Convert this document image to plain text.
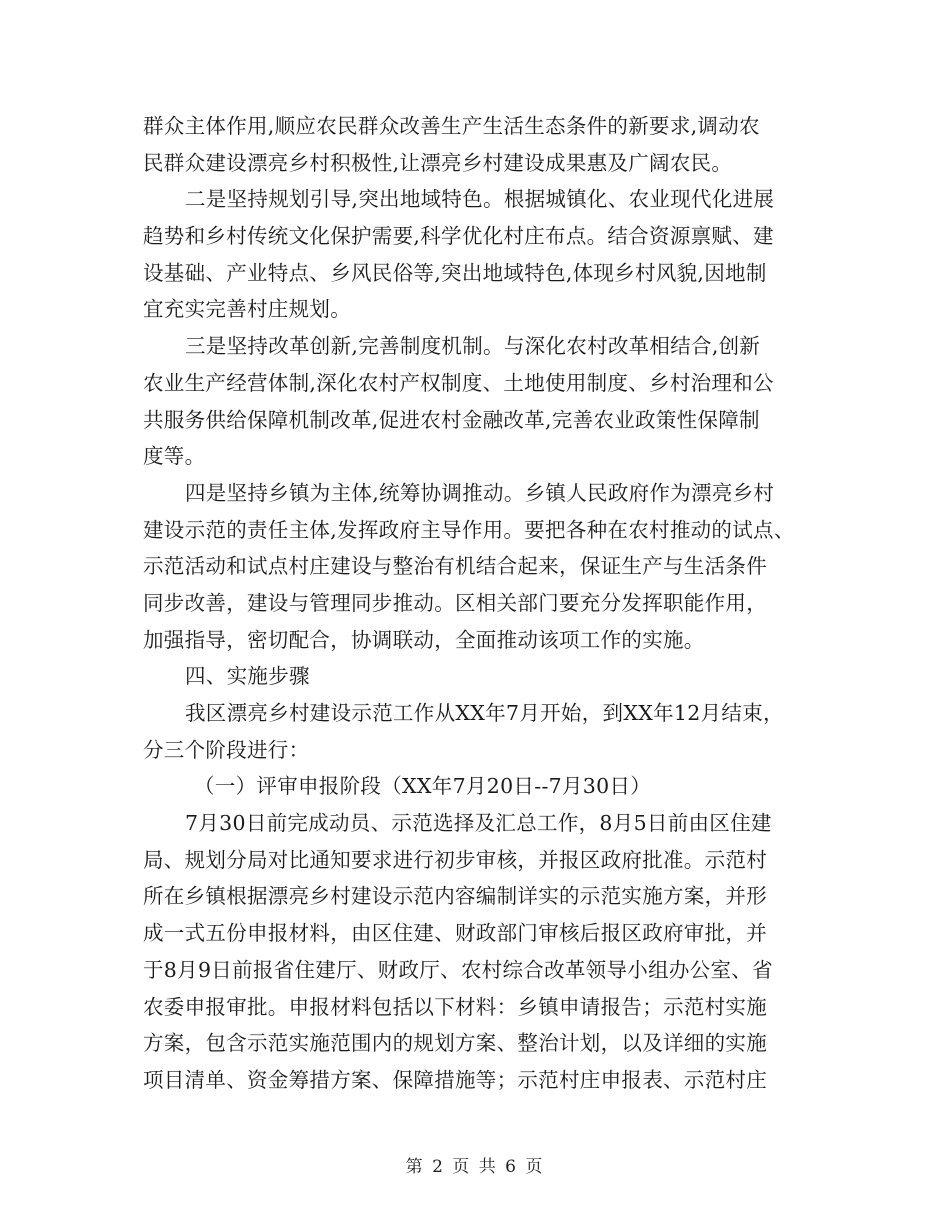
群众主体作用,顺应农民群众改善生产生活生态条件的新要求,调动农
民群众建设漂亮乡村积极性,让漂亮乡村建设成果惠及广阔农民。
二是坚持规划引导,突出地域特色。根据城镇化、农业现代化进展
趋势和乡村传统文化保护需要,科学优化村庄布点。结合资源禀赋、建
设基础、产业特点、乡风民俗等,突出地域特色,体现乡村风貌,因地制
宜充实完善村庄规划。
三是坚持改革创新,完善制度机制。与深化农村改革相结合,创新
农业生产经营体制,深化农村产权制度、土地使用制度、乡村治理和公
共服务供给保障机制改革,促进农村金融改革,完善农业政策性保障制
度等。
四是坚持乡镇为主体,统筹协调推动。乡镇人民政府作为漂亮乡村
建设示范的责任主体,发挥政府主导作用。要把各种在农村推动的试点、
示范活动和试点村庄建设与整治有机结合起来，保证生产与生活条件
同步改善，建设与管理同步推动。区相关部门要充分发挥职能作用，
加强指导，密切配合，协调联动，全面推动该项工作的实施。
四、实施步骤
我区漂亮乡村建设示范工作从XX年7月开始，到XX年12月结束，
分三个阶段进行：
（一）评审申报阶段（XX年7月20日--7月30日）
7月30日前完成动员、示范选择及汇总工作，8月5日前由区住建
局、规划分局对比通知要求进行初步审核，并报区政府批准。示范村
所在乡镇根据漂亮乡村建设示范内容编制详实的示范实施方案，并形
成一式五份申报材料，由区住建、财政部门审核后报区政府审批，并
于8月9日前报省住建厅、财政厅、农村综合改革领导小组办公室、省
农委申报审批。申报材料包括以下材料：乡镇申请报告；示范村实施
方案，包含示范实施范围内的规划方案、整治计划，以及详细的实施
项目清单、资金筹措方案、保障措施等；示范村庄申报表、示范村庄
第 2 页 共 6 页
